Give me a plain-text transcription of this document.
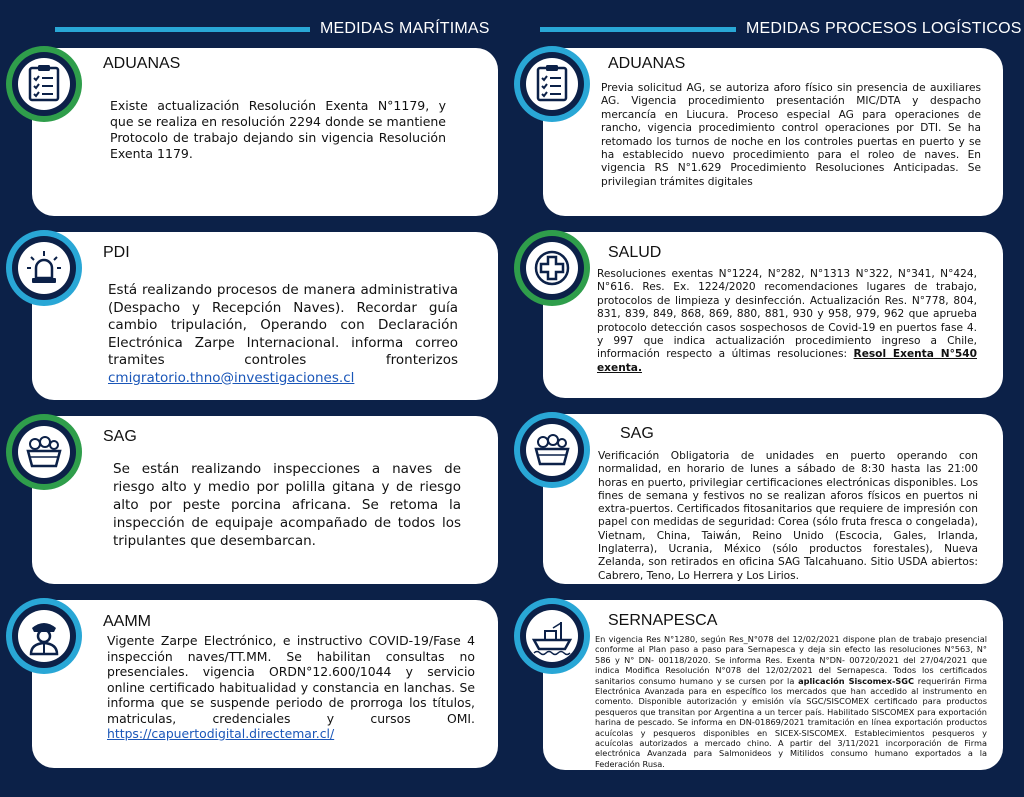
MEDIDAS MARÍTIMAS	MEDIDAS PROCESOS LOGÍSTICOS
ADUANAS
Existe actualización Resolución Exenta N°1179, y que se realiza en resolución 2294 donde se mantiene Protocolo de trabajo dejando sin vigencia Resolución Exenta 1179.
PDI
Está realizando procesos de manera administrativa (Despacho y Recepción Naves). Recordar guía cambio tripulación, Operando con Declaración Electrónica Zarpe Internacional. informa correo tramites controles fronterizos cmigratorio.thno@investigaciones.cl
SAG
Se están realizando inspecciones a naves de riesgo alto y medio por polilla gitana y de riesgo alto por peste porcina africana. Se retoma la inspección de equipaje acompañado de todos los tripulantes que desembarcan.
AAMM
Vigente Zarpe Electrónico, e instructivo COVID-19/Fase 4 inspección naves/TT.MM. Se habilitan consultas no presenciales. vigencia ORDN°12.600/1044 y servicio online certificado habitualidad y constancia en lanchas. Se informa que se suspende periodo de prorroga los títulos, matriculas, credenciales y cursos OMI. https://capuertodigital.directemar.cl/
ADUANAS
Previa solicitud AG, se autoriza aforo físico sin presencia de auxiliares AG. Vigencia procedimiento presentación MIC/DTA y despacho mercancía en Liucura. Proceso especial AG para operaciones de rancho, vigencia procedimiento control operaciones por DTI. Se ha retomado los turnos de noche en los controles puertas en puerto y se ha establecido nuevo procedimiento para el roleo de naves. En vigencia RS N°1.629 Procedimiento Resoluciones Anticipadas. Se privilegian trámites digitales
SALUD
Resoluciones exentas N°1224, N°282, N°1313 N°322, N°341, N°424, N°616. Res. Ex. 1224/2020 recomendaciones lugares de trabajo, protocolos de limpieza y desinfección. Actualización Res. N°778, 804, 831, 839, 849, 868, 869, 880, 881, 930 y 958, 979, 962 que aprueba protocolo detección casos sospechosos de Covid-19 en puertos fase 4. y 997 que indica actualización procedimiento ingreso a Chile, información respecto a últimas resoluciones: Resol Exenta N°540 exenta.
SAG
Verificación Obligatoria de unidades en puerto operando con normalidad, en horario de lunes a sábado de 8:30 hasta las 21:00 horas en puerto, privilegiar certificaciones electrónicas disponibles. Los fines de semana y festivos no se realizan aforos físicos en puertos ni extra-puertos. Certificados fitosanitarios que requiere de impresión con papel con medidas de seguridad: Corea (sólo fruta fresca o congelada), Vietnam, China, Taiwán, Reino Unido (Escocia, Gales, Irlanda, Inglaterra), Ucrania, México (sólo productos forestales), Nueva Zelanda, son retirados en oficina SAG Talcahuano. Sitio USDA abiertos: Cabrero, Teno, Lo Herrera y Los Lirios.
SERNAPESCA
En vigencia Res N°1280, según Res_N°078 del 12/02/2021 dispone plan de trabajo presencial conforme al Plan paso a paso para Sernapesca y deja sin efecto las resoluciones N°563, N° 586 y N° DN- 00118/2020. Se informa Res. Exenta N°DN- 00720/2021 del 27/04/2021 que indica Modifica Resolución N°078 del 12/02/2021 del Sernapesca. Todos los certificados sanitarios consumo humano y se cursen por la aplicación Siscomex-SGC requerirán Firma Electrónica Avanzada para en específico los mercados que han accedido al instrumento en comento. Disponible autorización y emisión vía SGC/SISCOMEX certificado para productos pesqueros que transitan por Argentina a un tercer país. Habilitado SISCOMEX para exportación harina de pescado. Se informa en DN-01869/2021 tramitación en línea exportación productos acuícolas y pesqueros disponibles en SICEX-SISCOMEX. Establecimientos pesqueros y acuícolas autorizados a mercado chino. A partir del 3/11/2021 incorporación de Firma electrónica Avanzada para Salmonideos y Mitilidos consumo humano exportados a la Federación Rusa.
